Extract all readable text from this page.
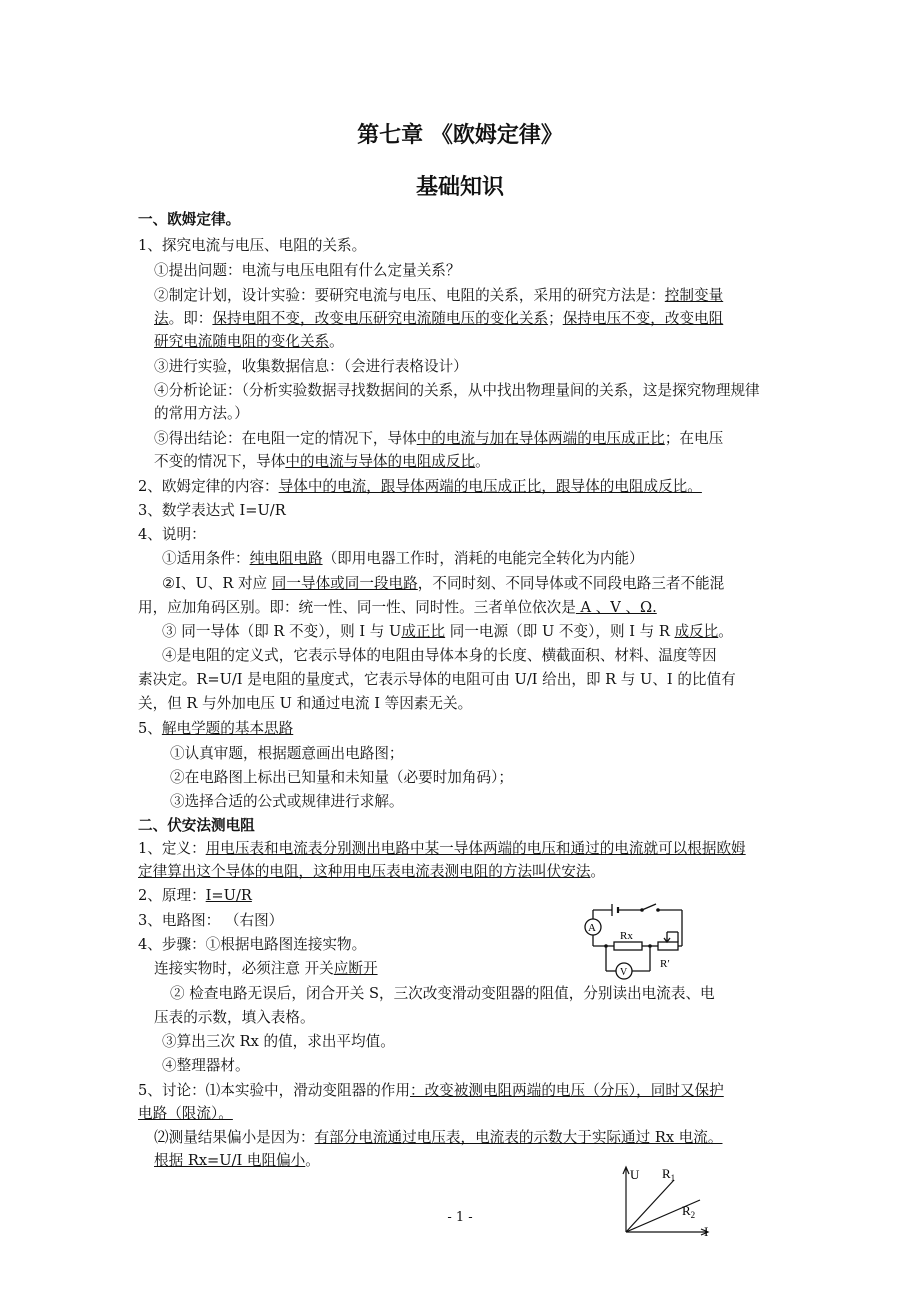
第七章 《欧姆定律》
基础知识
一、欧姆定律。
1、探究电流与电压、电阻的关系。
①提出问题：电流与电压电阻有什么定量关系？
②制定计划，设计实验：要研究电流与电压、电阻的关系，采用的研究方法是：控制变量
法。即：保持电阻不变，改变电压研究电流随电压的变化关系；保持电压不变，改变电阻
研究电流随电阻的变化关系。
③进行实验，收集数据信息：（会进行表格设计）
④分析论证：（分析实验数据寻找数据间的关系，从中找出物理量间的关系，这是探究物理规律
的常用方法。）
⑤得出结论：在电阻一定的情况下，导体中的电流与加在导体两端的电压成正比；在电压
不变的情况下，导体中的电流与导体的电阻成反比。
2、欧姆定律的内容：导体中的电流，跟导体两端的电压成正比，跟导体的电阻成反比。
3、数学表达式 I=U/R
4、说明：
①适用条件：纯电阻电路（即用电器工作时，消耗的电能完全转化为内能）
②I、U、R 对应 同一导体或同一段电路，不同时刻、不同导体或不同段电路三者不能混
用，应加角码区别。即：统一性、同一性、同时性。三者单位依次是 A 、V 、Ω.
③ 同一导体（即 R 不变），则 I 与 U成正比 同一电源（即 U 不变），则 I 与 R 成反比。
④是电阻的定义式，它表示导体的电阻由导体本身的长度、横截面积、材料、温度等因
素决定。R=U/I 是电阻的量度式，它表示导体的电阻可由 U/I 给出，即 R 与 U、I 的比值有
关，但 R 与外加电压 U 和通过电流 I 等因素无关。
5、解电学题的基本思路
①认真审题，根据题意画出电路图；
②在电路图上标出已知量和未知量（必要时加角码）；
③选择合适的公式或规律进行求解。
二、伏安法测电阻
1、定义：用电压表和电流表分别测出电路中某一导体两端的电压和通过的电流就可以根据欧姆
定律算出这个导体的电阻，这种用电压表电流表测电阻的方法叫伏安法。
2、原理：I=U/R
3、电路图： （右图）
4、步骤：①根据电路图连接实物。
连接实物时，必须注意 开关应断开
② 检查电路无误后，闭合开关 S，三次改变滑动变阻器的阻值，分别读出电流表、电
压表的示数，填入表格。
③算出三次 Rx 的值，求出平均值。
④整理器材。
5、讨论：⑴本实验中，滑动变阻器的作用：改变被测电阻两端的电压（分压），同时又保护
电路（限流）。
⑵测量结果偏小是因为：有部分电流通过电压表，电流表的示数大于实际通过 Rx 电流。
根据 Rx=U/I 电阻偏小。
A
V
Rx
R′
U
I
$R_1$
$R_2$
- 1 -
